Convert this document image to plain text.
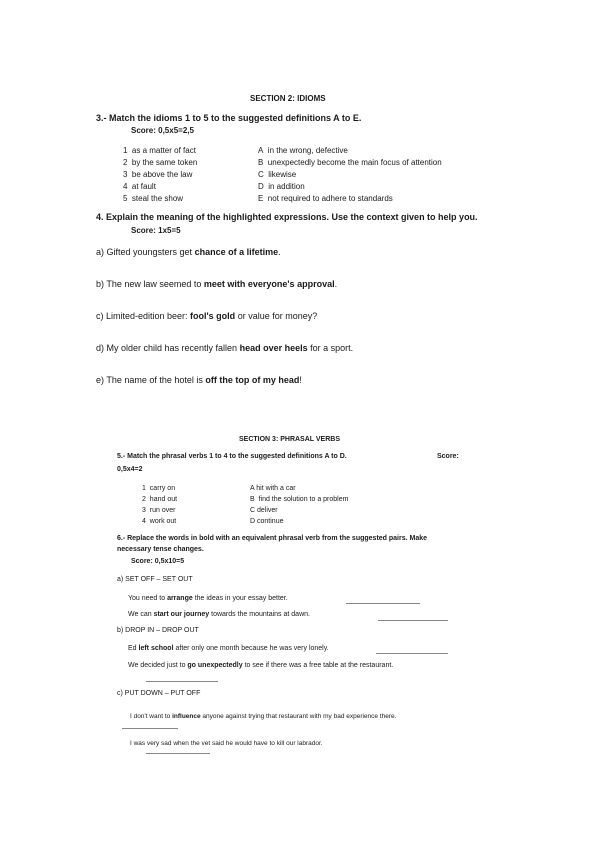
SECTION 2: IDIOMS
3.- Match the idioms 1 to 5 to the suggested definitions A to E.
Score: 0,5x5=2,5
1 as a matter of fact
2 by the same token
3 be above the law
4 at fault
5 steal the show
A in the wrong, defective
B unexpectedly become the main focus of attention
C likewise
D in addition
E not required to adhere to standards
4. Explain the meaning of the highlighted expressions. Use the context given to help you.
Score: 1x5=5
a) Gifted youngsters get chance of a lifetime.
b) The new law seemed to meet with everyone's approval.
c) Limited-edition beer: fool's gold or value for money?
d) My older child has recently fallen head over heels for a sport.
e) The name of the hotel is off the top of my head!
SECTION 3: PHRASAL VERBS
5.- Match the phrasal verbs 1 to 4 to the suggested definitions A to D.	Score:
0,5x4=2
1 carry on
2 hand out
3 run over
4 work out
A hit with a car
B find the solution to a problem
C deliver
D continue
6.- Replace the words in bold with an equivalent phrasal verb from the suggested pairs. Make
necessary tense changes.
Score: 0,5x10=5
a) SET OFF – SET OUT
You need to arrange the ideas in your essay better.
We can start our journey towards the mountains at dawn.
b) DROP IN – DROP OUT
Ed left school after only one month because he was very lonely.
We decided just to go unexpectedly to see if there was a free table at the restaurant.
c) PUT DOWN – PUT OFF
I don't want to influence anyone against trying that restaurant with my bad experience there.
I was very sad when the vet said he would have to kill our labrador.
